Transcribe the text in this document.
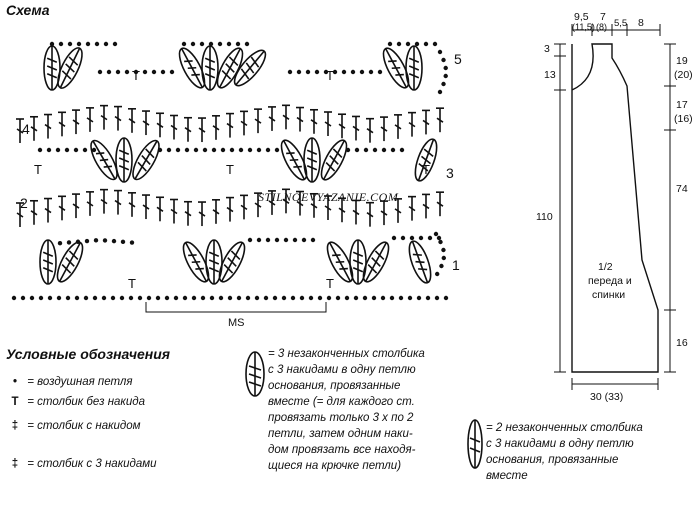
Схема
T	T
T	T	T
T	T
1
2
3
4
5
MS
STILNOEVYAZANIE.COM
Условные обозначения
• = воздушная петля
T = столбик без накида
‡ = столбик с накидом
‡ = столбик с 3 накидами
= 3 незаконченных столбика
с 3 накидами в одну петлю
основания, провязанные
вместе (= для каждого ст.
провязать только 3 х по 2
петли, затем одним наки-
дом провязать все находя-
щиеся на крючке петли)
= 2 незаконченных столбика
с 3 накидами в одну петлю
основания, провязанные
вместе
9,5
(11,5)
7
(8) 5,5 8
3
13
110
19
(20)
17
(16)
74
16
30 (33)
1/2
переда и
спинки
